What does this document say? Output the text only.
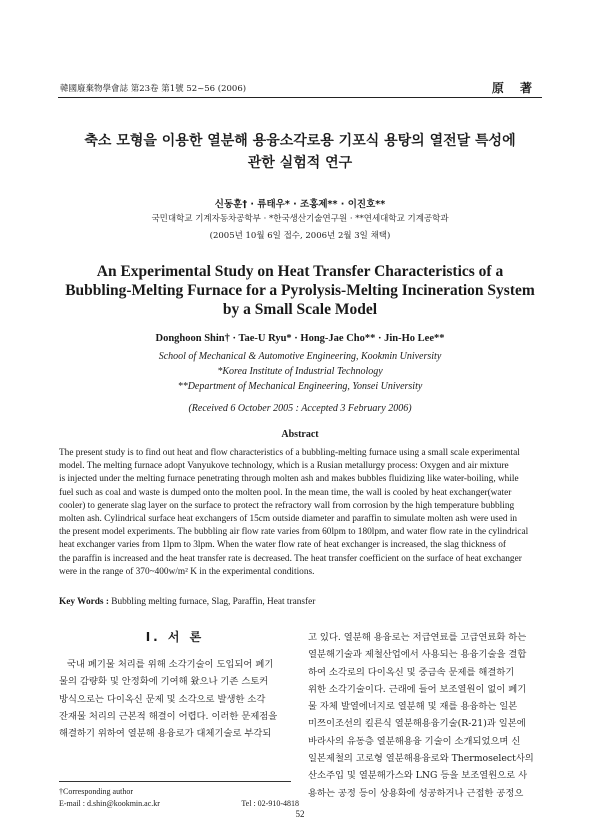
韓國廢棄物學會誌 第23卷 第1號 52~56 (2006)	原 著
축소 모형을 이용한 열분해 용융소각로용 기포식 용탕의 열전달 특성에
관한 실험적 연구
신동훈† · 류태우* · 조홍제** · 이진호**
국민대학교 기계자동차공학부 · *한국생산기술연구원 · **연세대학교 기계공학과
(2005년 10월 6일 접수, 2006년 2월 3일 채택)
An Experimental Study on Heat Transfer Characteristics of a
Bubbling-Melting Furnace for a Pyrolysis-Melting Incineration System
by a Small Scale Model
Donghoon Shin† · Tae-U Ryu* · Hong-Jae Cho** · Jin-Ho Lee**
School of Mechanical & Automotive Engineering, Kookmin University
*Korea Institute of Industrial Technology
**Department of Mechanical Engineering, Yonsei University
(Received 6 October 2005 : Accepted 3 February 2006)
Abstract
The present study is to find out heat and flow characteristics of a bubbling-melting furnace using a small scale experimental
model. The melting furnace adopt Vanyukove technology, which is a Rusian metallurgy process: Oxygen and air mixture
is injected under the melting furnace penetrating through molten ash and makes bubbles fluidizing like water-boiling, while
fuel such as coal and waste is dumped onto the molten pool. In the mean time, the wall is cooled by heat exchanger(water
cooler) to generate slag layer on the surface to protect the refractory wall from corrosion by the high temperature bubbling
molten ash. Cylindrical surface heat exchangers of 15cm outside diameter and paraffin to simulate molten ash were used in
the present model experiments. The bubbling air flow rate varies from 60lpm to 180lpm, and water flow rate in the cylindrical
heat exchanger varies from 1lpm to 3lpm. When the water flow rate of heat exchanger is increased, the slag thickness of
the paraffin is increased and the heat transfer rate is decreased. The heat transfer coefficient on the surface of heat exchanger
were in the range of 370~400w/m² K in the experimental conditions.
Key Words : Bubbling melting furnace, Slag, Paraffin, Heat transfer
I. 서 론
국내 폐기물 처리를 위해 소각기술이 도입되어 폐기
물의 감량화 및 안정화에 기여해 왔으나 기존 스토커
방식으로는 다이옥신 문제 및 소각으로 발생한 소각
잔재물 처리의 근본적 해결이 어렵다. 이러한 문제점을
해결하기 위하여 열분해 용융로가 대체기술로 부각되
고 있다. 열분해 용융로는 저급연료를 고급연료화 하는
열분해기술과 제철산업에서 사용되는 용융기술을 결합
하여 소각로의 다이옥신 및 중금속 문제를 해결하기
위한 소각기술이다. 근래에 들어 보조열원이 없이 폐기
물 자체 발열에너지로 열분해 및 재를 용융하는 일본
미쯔이조선의 킬른식 열분해용융기술(R-21)과 일본에
바라사의 유동층 열분해용융 기술이 소개되었으며 신
일본제철의 고로형 열분해용융로와 Thermoselect사의
산소주입 및 열분해가스와 LNG 등을 보조열원으로 사
용하는 공정 등이 상용화에 성공하거나 근접한 공정으
†Corresponding author
E-mail : d.shin@kookmin.ac.kr	Tel : 02-910-4818
52
